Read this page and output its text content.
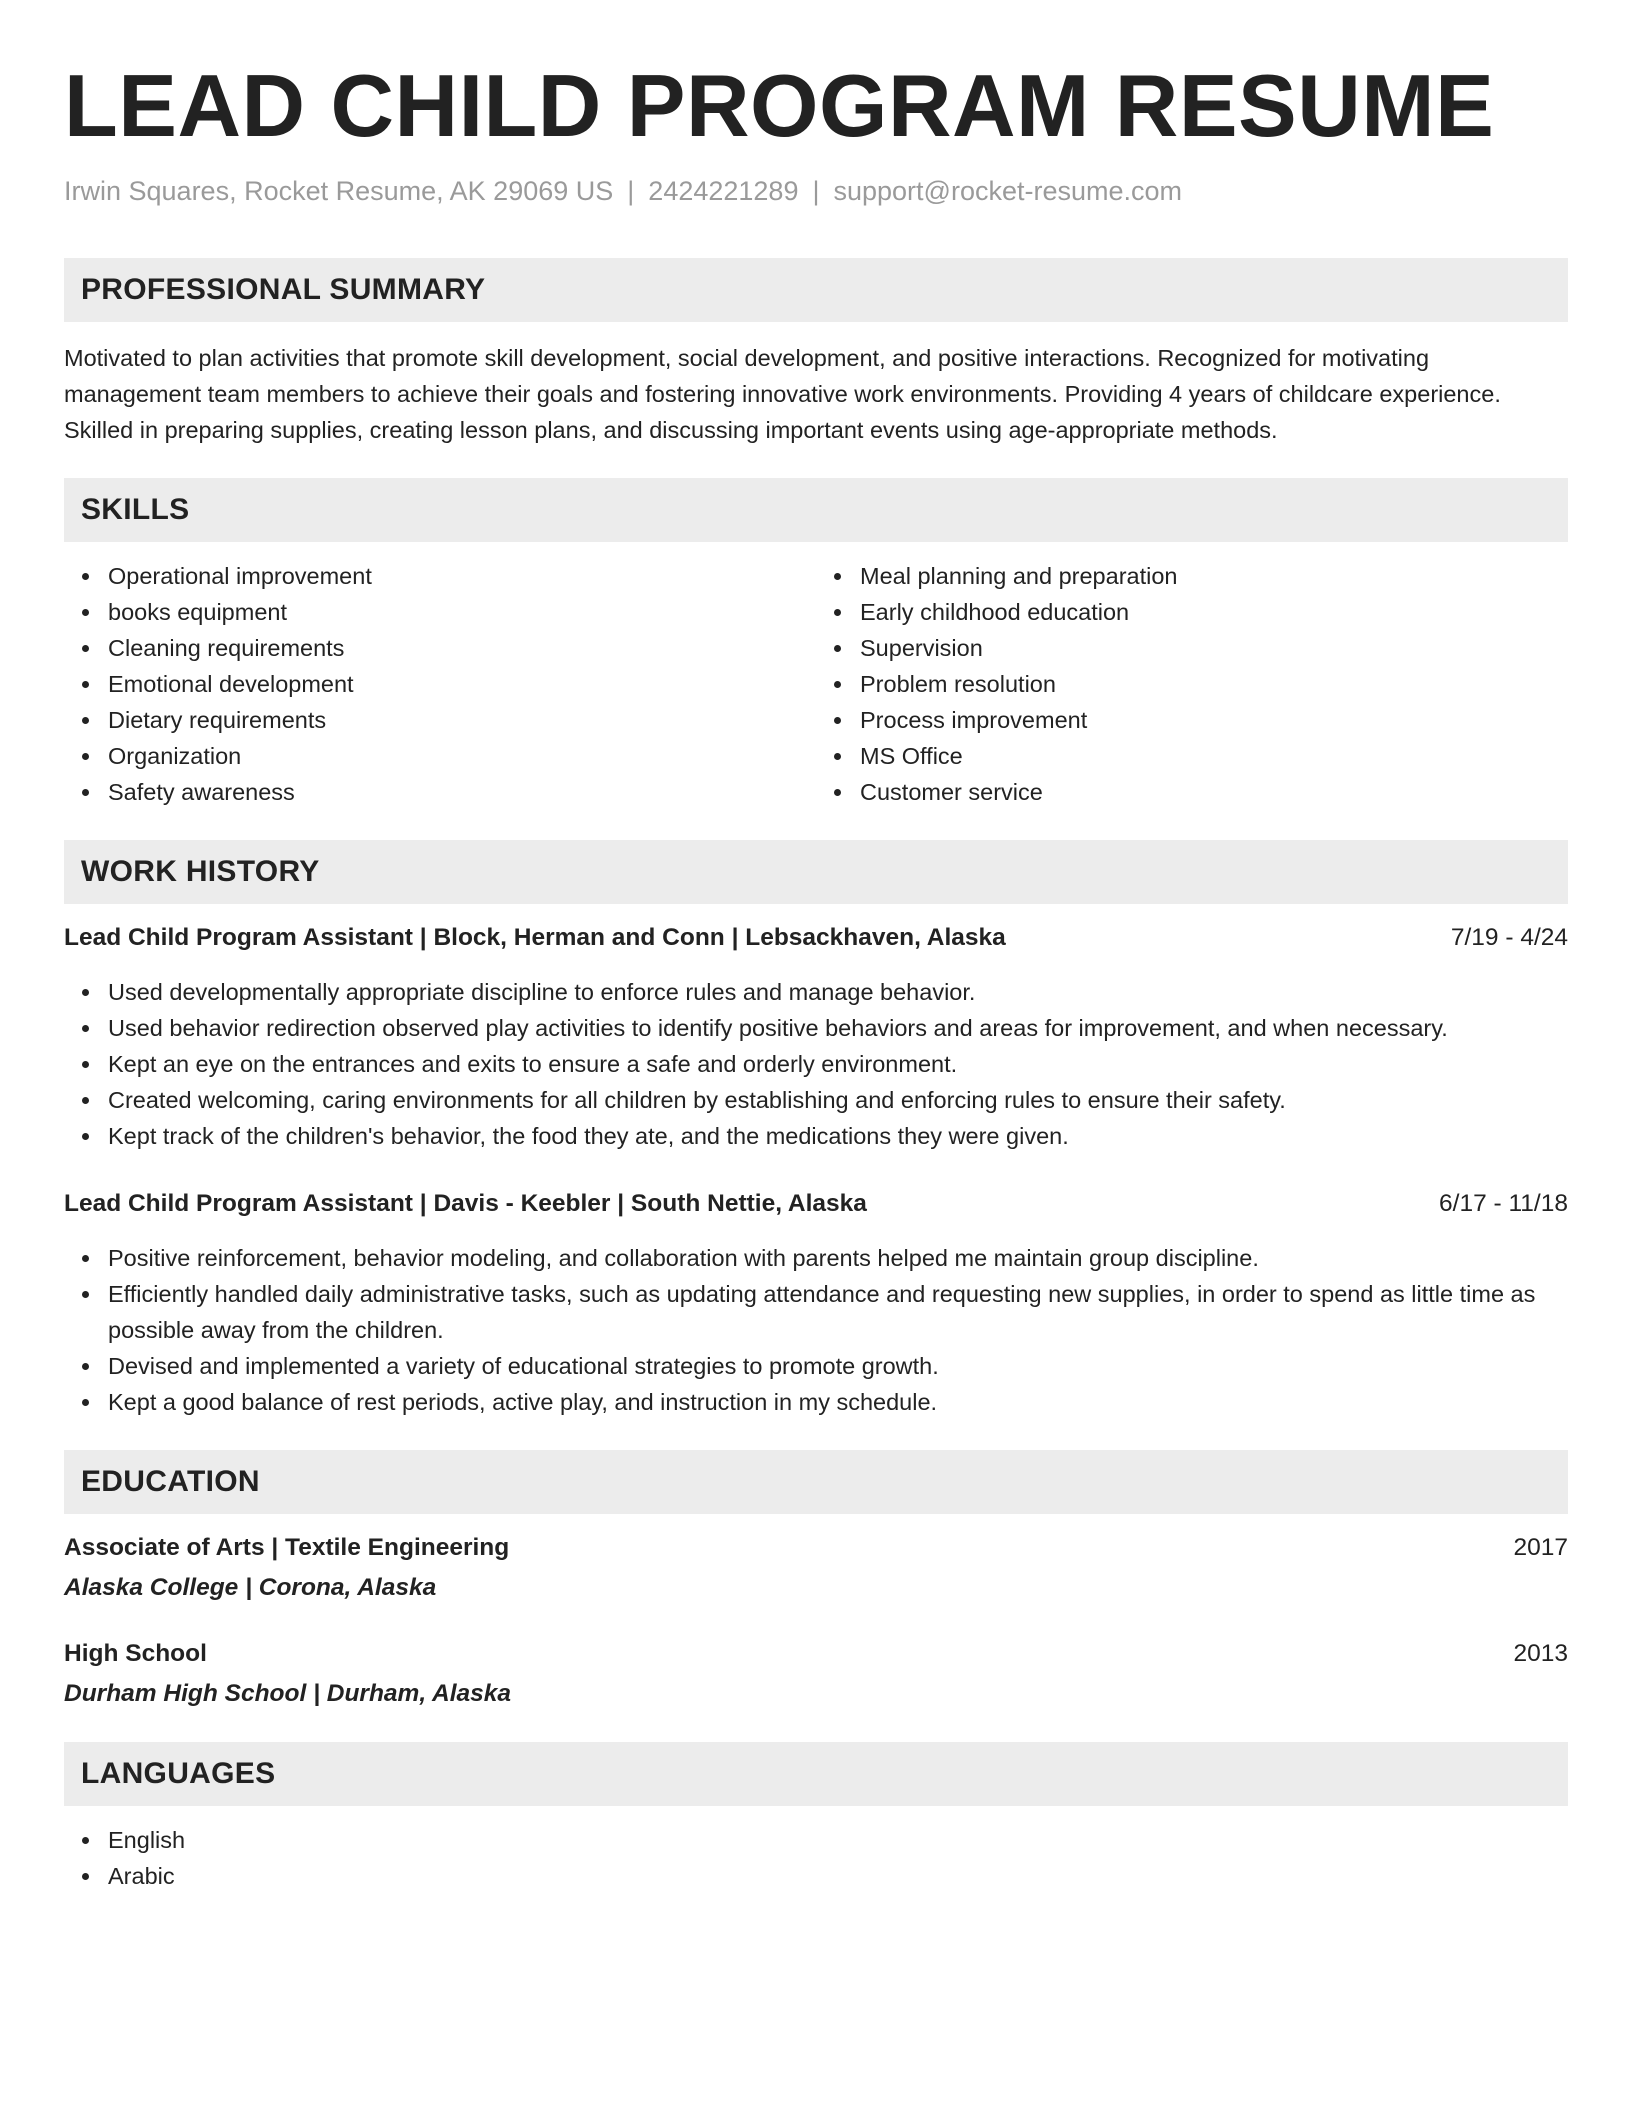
LEAD CHILD PROGRAM RESUME
Irwin Squares, Rocket Resume, AK 29069 US | 2424221289 | support@rocket-resume.com
PROFESSIONAL SUMMARY
Motivated to plan activities that promote skill development, social development, and positive interactions. Recognized for motivating management team members to achieve their goals and fostering innovative work environments. Providing 4 years of childcare experience. Skilled in preparing supplies, creating lesson plans, and discussing important events using age-appropriate methods.
SKILLS
Operational improvement
books equipment
Cleaning requirements
Emotional development
Dietary requirements
Organization
Safety awareness
Meal planning and preparation
Early childhood education
Supervision
Problem resolution
Process improvement
MS Office
Customer service
WORK HISTORY
Lead Child Program Assistant | Block, Herman and Conn | Lebsackhaven, Alaska	7/19 - 4/24
Used developmentally appropriate discipline to enforce rules and manage behavior.
Used behavior redirection observed play activities to identify positive behaviors and areas for improvement, and when necessary.
Kept an eye on the entrances and exits to ensure a safe and orderly environment.
Created welcoming, caring environments for all children by establishing and enforcing rules to ensure their safety.
Kept track of the children's behavior, the food they ate, and the medications they were given.
Lead Child Program Assistant | Davis - Keebler | South Nettie, Alaska	6/17 - 11/18
Positive reinforcement, behavior modeling, and collaboration with parents helped me maintain group discipline.
Efficiently handled daily administrative tasks, such as updating attendance and requesting new supplies, in order to spend as little time as possible away from the children.
Devised and implemented a variety of educational strategies to promote growth.
Kept a good balance of rest periods, active play, and instruction in my schedule.
EDUCATION
Associate of Arts | Textile Engineering	2017
Alaska College | Corona, Alaska
High School	2013
Durham High School | Durham, Alaska
LANGUAGES
English
Arabic
